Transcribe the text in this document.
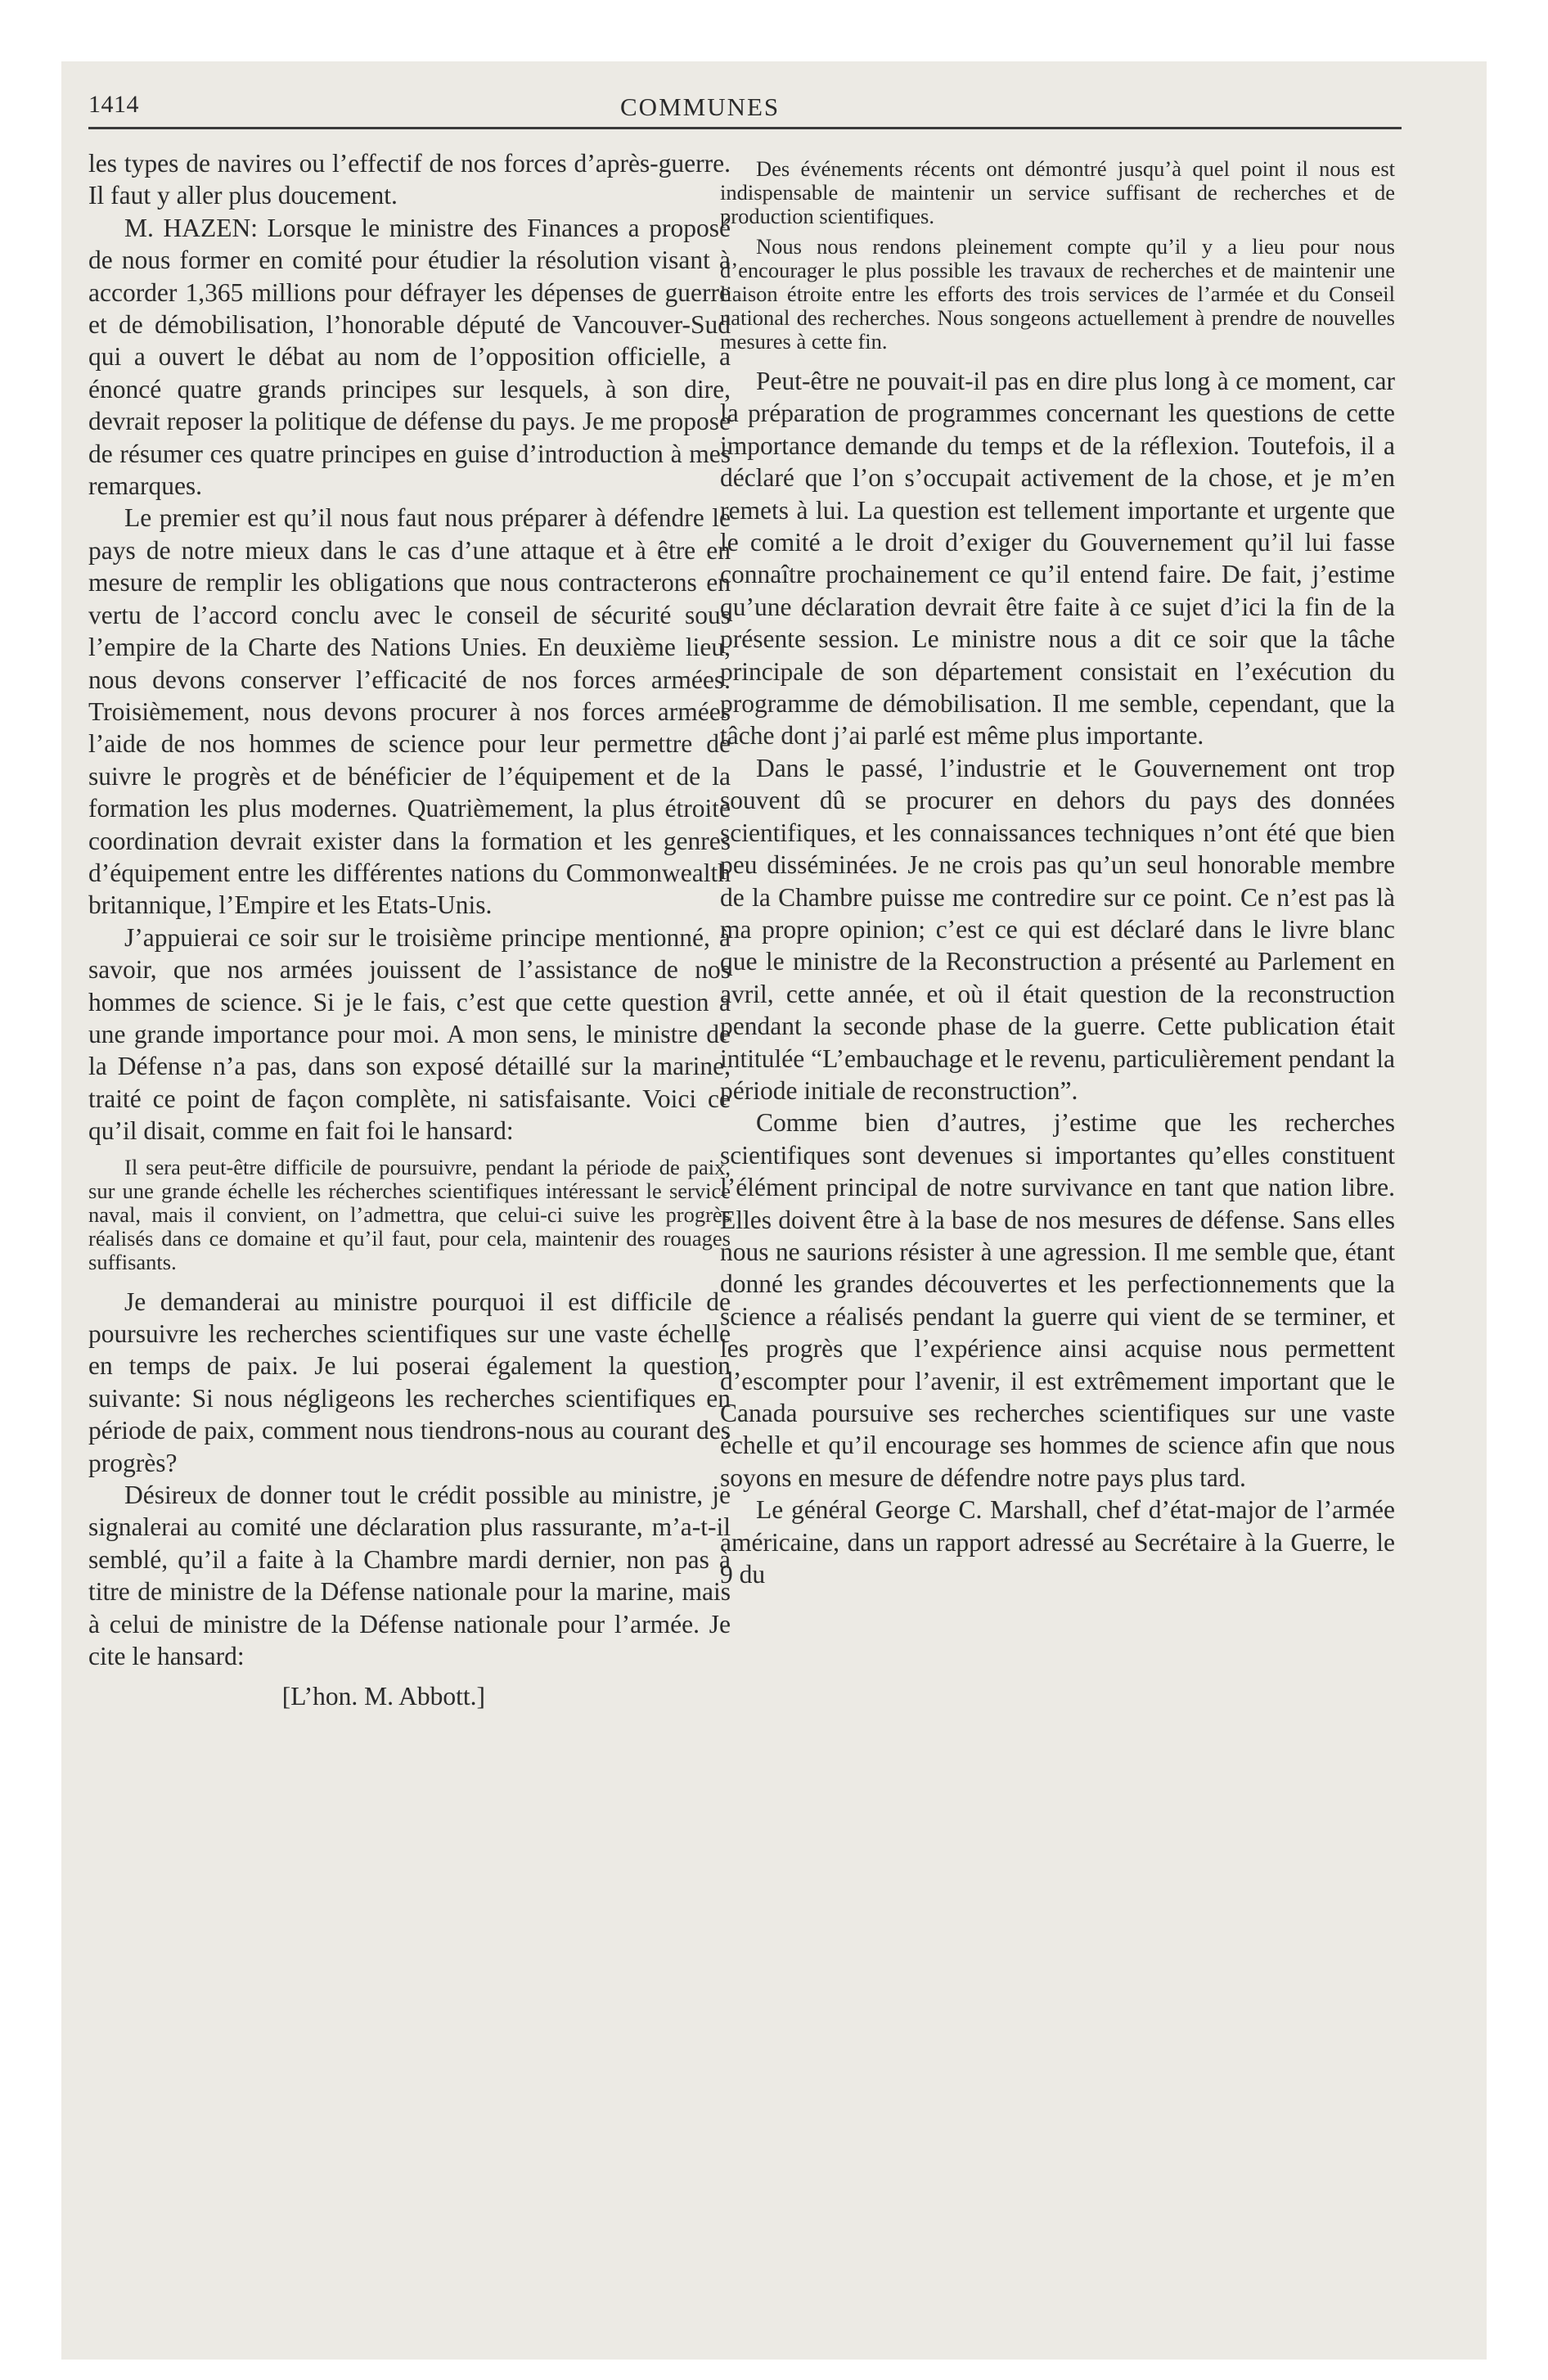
1414	COMMUNES

les types de navires ou l’effectif de nos forces d’après-guerre. Il faut y aller plus doucement.

M. HAZEN: Lorsque le ministre des Finances a proposé de nous former en comité pour étudier la résolution visant à accorder 1,365 millions pour défrayer les dépenses de guerre et de démobilisation, l’honorable député de Vancouver-Sud qui a ouvert le débat au nom de l’opposition officielle, a énoncé quatre grands principes sur lesquels, à son dire, devrait reposer la politique de défense du pays. Je me propose de résumer ces quatre principes en guise d’introduction à mes remarques.

Le premier est qu’il nous faut nous préparer à défendre le pays de notre mieux dans le cas d’une attaque et à être en mesure de remplir les obligations que nous contracterons en vertu de l’accord conclu avec le conseil de sécurité sous l’empire de la Charte des Nations Unies. En deuxième lieu, nous devons conserver l’efficacité de nos forces armées. Troisièmement, nous devons procurer à nos forces armées l’aide de nos hommes de science pour leur permettre de suivre le progrès et de bénéficier de l’équipement et de la formation les plus modernes. Quatrièmement, la plus étroite coordination devrait exister dans la formation et les genres d’équipement entre les différentes nations du Commonwealth britannique, l’Empire et les Etats-Unis.

J’appuierai ce soir sur le troisième principe mentionné, à savoir, que nos armées jouissent de l’assistance de nos hommes de science. Si je le fais, c’est que cette question a une grande importance pour moi. A mon sens, le ministre de la Défense n’a pas, dans son exposé détaillé sur la marine, traité ce point de façon complète, ni satisfaisante. Voici ce qu’il disait, comme en fait foi le hansard:

Il sera peut-être difficile de poursuivre, pendant la période de paix, sur une grande échelle les récherches scientifiques intéressant le service naval, mais il convient, on l’admettra, que celui-ci suive les progrès réalisés dans ce domaine et qu’il faut, pour cela, maintenir des rouages suffisants.

Je demanderai au ministre pourquoi il est difficile de poursuivre les recherches scientifiques sur une vaste échelle en temps de paix. Je lui poserai également la question suivante: Si nous négligeons les recherches scientifiques en période de paix, comment nous tiendrons-nous au courant des progrès?

Désireux de donner tout le crédit possible au ministre, je signalerai au comité une déclaration plus rassurante, m’a-t-il semblé, qu’il a faite à la Chambre mardi dernier, non pas à titre de ministre de la Défense nationale pour la marine, mais à celui de ministre de la Défense nationale pour l’armée. Je cite le hansard:

[L’hon. M. Abbott.]

Des événements récents ont démontré jusqu’à quel point il nous est indispensable de maintenir un service suffisant de recherches et de production scientifiques.

Nous nous rendons pleinement compte qu’il y a lieu pour nous d’encourager le plus possible les travaux de recherches et de maintenir une liaison étroite entre les efforts des trois services de l’armée et du Conseil national des recherches. Nous songeons actuellement à prendre de nouvelles mesures à cette fin.

Peut-être ne pouvait-il pas en dire plus long à ce moment, car la préparation de programmes concernant les questions de cette importance demande du temps et de la réflexion. Toutefois, il a déclaré que l’on s’occupait activement de la chose, et je m’en remets à lui. La question est tellement importante et urgente que le comité a le droit d’exiger du Gouvernement qu’il lui fasse connaître prochainement ce qu’il entend faire. De fait, j’estime qu’une déclaration devrait être faite à ce sujet d’ici la fin de la présente session. Le ministre nous a dit ce soir que la tâche principale de son département consistait en l’exécution du programme de démobilisation. Il me semble, cependant, que la tâche dont j’ai parlé est même plus importante.

Dans le passé, l’industrie et le Gouvernement ont trop souvent dû se procurer en dehors du pays des données scientifiques, et les connaissances techniques n’ont été que bien peu disséminées. Je ne crois pas qu’un seul honorable membre de la Chambre puisse me contredire sur ce point. Ce n’est pas là ma propre opinion; c’est ce qui est déclaré dans le livre blanc que le ministre de la Reconstruction a présenté au Parlement en avril, cette année, et où il était question de la reconstruction pendant la seconde phase de la guerre. Cette publication était intitulée “L’embauchage et le revenu, particulièrement pendant la période initiale de reconstruction”.

Comme bien d’autres, j’estime que les recherches scientifiques sont devenues si importantes qu’elles constituent l’élément principal de notre survivance en tant que nation libre. Elles doivent être à la base de nos mesures de défense. Sans elles nous ne saurions résister à une agression. Il me semble que, étant donné les grandes découvertes et les perfectionnements que la science a réalisés pendant la guerre qui vient de se terminer, et les progrès que l’expérience ainsi acquise nous permettent d’escompter pour l’avenir, il est extrêmement important que le Canada poursuive ses recherches scientifiques sur une vaste échelle et qu’il encourage ses hommes de science afin que nous soyons en mesure de défendre notre pays plus tard.

Le général George C. Marshall, chef d’état-major de l’armée américaine, dans un rapport adressé au Secrétaire à la Guerre, le 9 du
